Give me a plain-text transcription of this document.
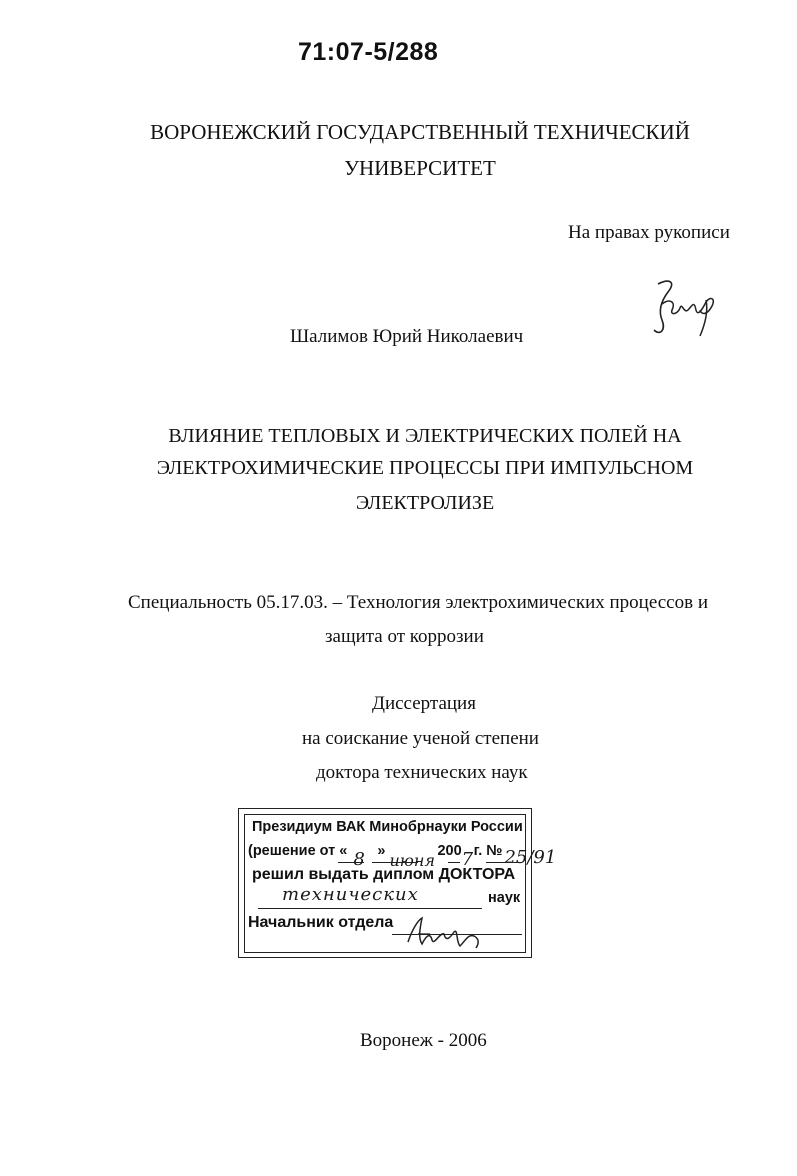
71:07-5/288
ВОРОНЕЖСКИЙ ГОСУДАРСТВЕННЫЙ ТЕХНИЧЕСКИЙ
УНИВЕРСИТЕТ
На правах рукописи
Шалимов Юрий Николаевич
ВЛИЯНИЕ ТЕПЛОВЫХ И ЭЛЕКТРИЧЕСКИХ ПОЛЕЙ НА
ЭЛЕКТРОХИМИЧЕСКИЕ ПРОЦЕССЫ ПРИ ИМПУЛЬСНОМ
ЭЛЕКТРОЛИЗЕ
Специальность 05.17.03. – Технология электрохимических процессов и
защита от коррозии
Диссертация
на соискание ученой степени
доктора технических наук
Президиум ВАК Минобрнауки России
(решение от « 8 » июня 200 7 г. № 25/91
решил выдать диплом ДОКТОРА
технических	наук
Начальник отдела
Воронеж - 2006
